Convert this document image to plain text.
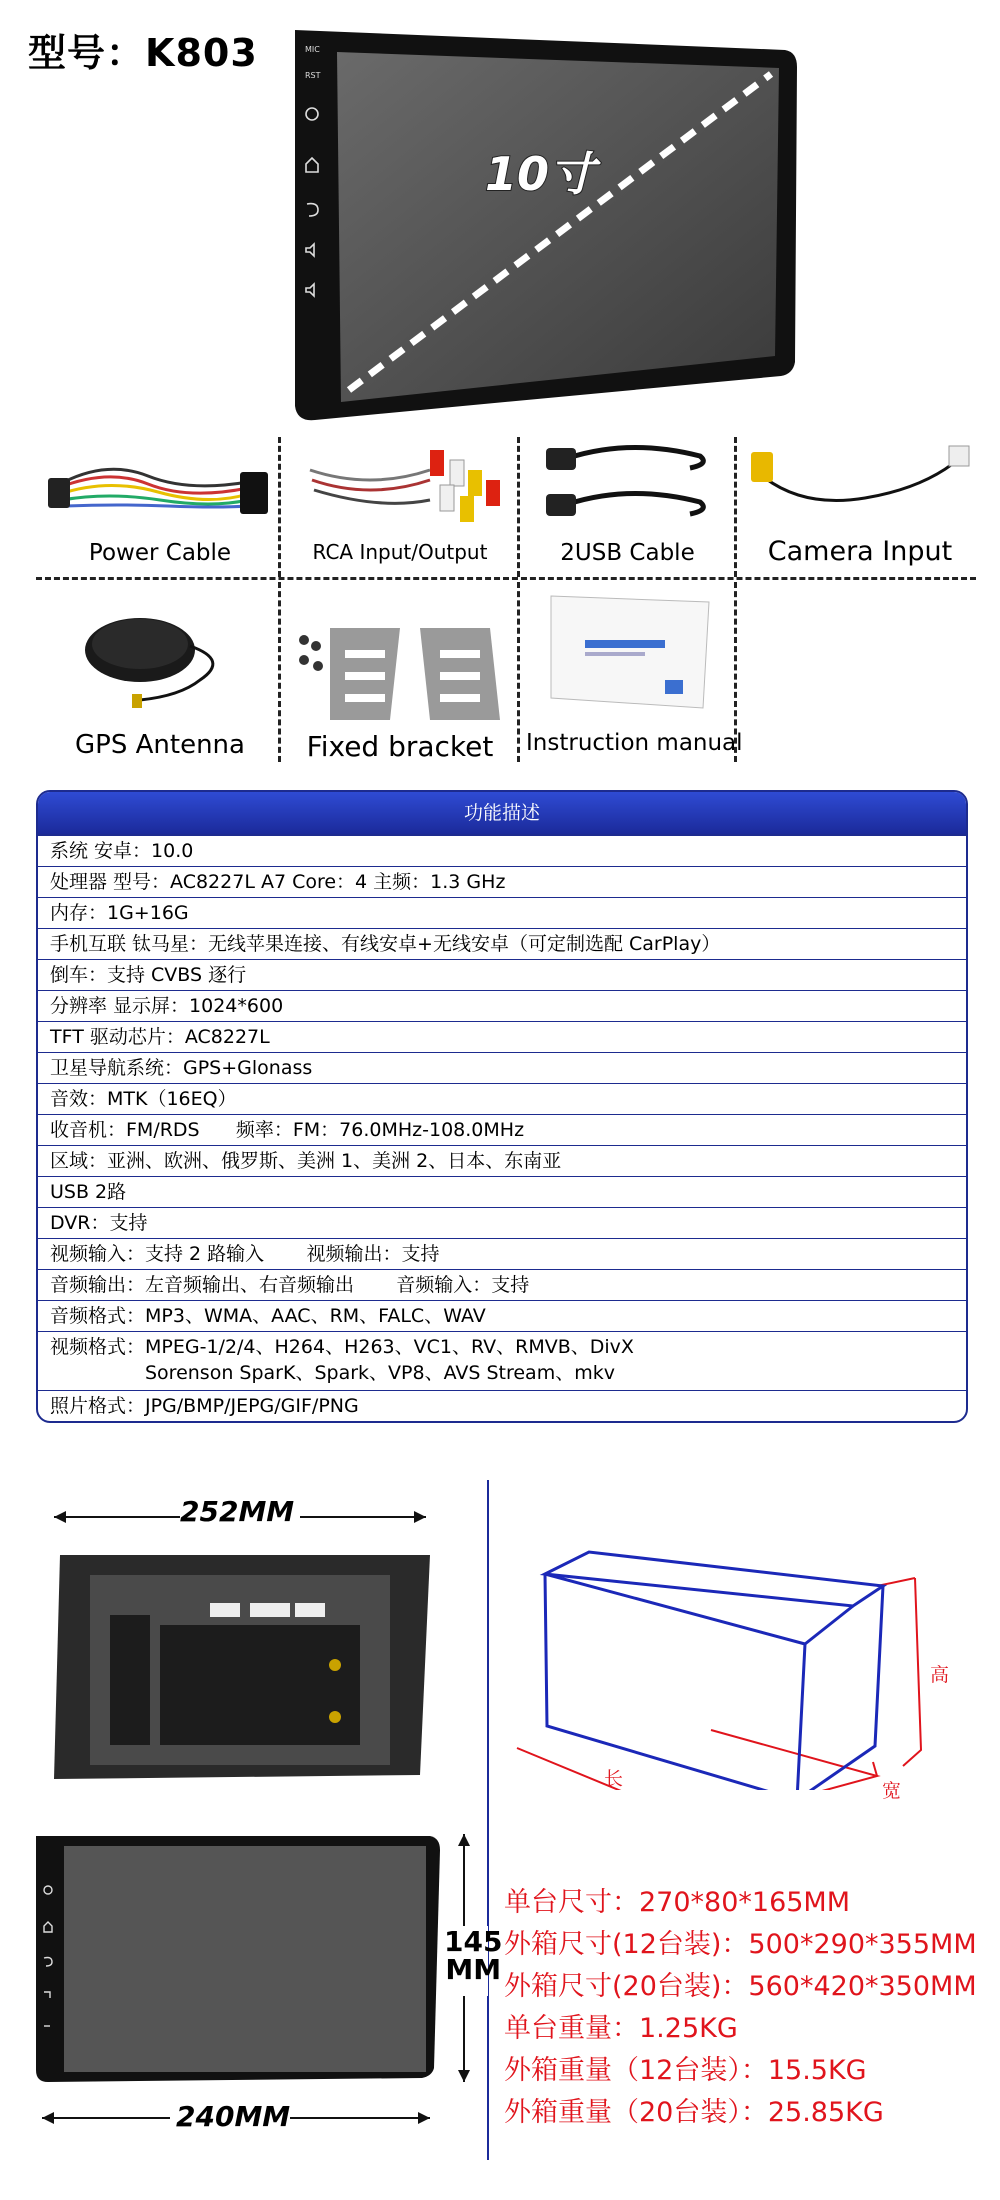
型号：K803	MIC
RST
10寸
Power Cable	RCA Input/Output	2USB Cable	Camera Input
GPS Antenna	Fixed bracket	Instruction manual
功能描述
系统 安卓：10.0
处理器 型号：AC8227L A7 Core：4 主频：1.3 GHz
内存：1G+16G
手机互联 钛马星：无线苹果连接、有线安卓+无线安卓（可定制选配 CarPlay）
倒车：支持 CVBS 逐行
分辨率 显示屏：1024*600
TFT 驱动芯片：AC8227L
卫星导航系统：GPS+Glonass
音效：MTK（16EQ）
收音机：FM/RDS      频率：FM：76.0MHz-108.0MHz
区域：亚洲、欧洲、俄罗斯、美洲 1、美洲 2、日本、东南亚
USB 2路
DVR：支持
视频输入：支持 2 路输入       视频输出：支持
音频输出：左音频输出、右音频输出       音频输入：支持
音频格式：MP3、WMA、AAC、RM、FALC、WAV
视频格式：MPEG-1/2/4、H264、H263、VC1、RV、RMVB、DivX
Sorenson SparK、Spark、VP8、AVS Stream、mkv
照片格式：JPG/BMP/JEPG/GIF/PNG
252MM
145
MM
240MM
长
宽
高
单台尺寸：270*80*165MM
外箱尺寸(12台装)：500*290*355MM
外箱尺寸(20台装)：560*420*350MM
单台重量：1.25KG
外箱重量（12台装）：15.5KG
外箱重量（20台装）：25.85KG
